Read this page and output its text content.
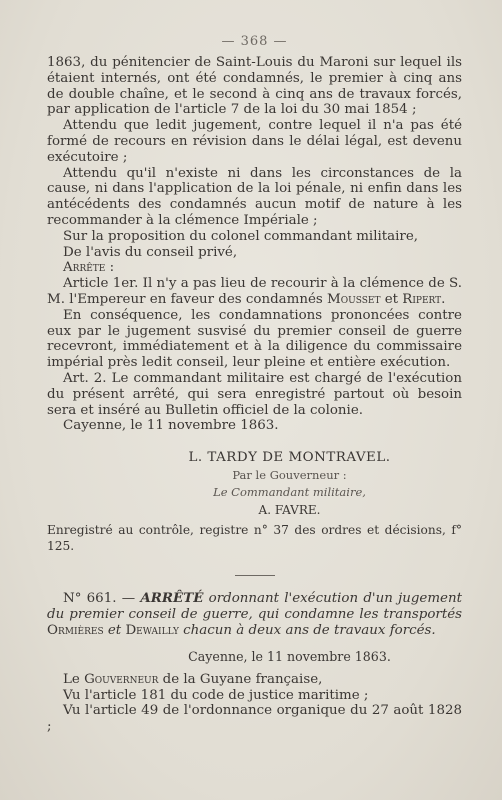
— 368 —

1863, du pénitencier de Saint-Louis du Maroni sur lequel ils étaient internés, ont été condamnés, le premier à cinq ans de double chaîne, et le second à cinq ans de travaux forcés, par application de l'article 7 de la loi du 30 mai 1854 ;

Attendu que ledit jugement, contre lequel il n'a pas été formé de recours en révision dans le délai légal, est devenu exécutoire ;

Attendu qu'il n'existe ni dans les circonstances de la cause, ni dans l'application de la loi pénale, ni enfin dans les antécédents des condamnés aucun motif de nature à les recommander à la clémence Impériale ;

Sur la proposition du colonel commandant militaire,

De l'avis du conseil privé,

Arrête :

Article 1er. Il n'y a pas lieu de recourir à la clémence de S. M. l'Empereur en faveur des condamnés Mousset et Ripert.

En conséquence, les condamnations prononcées contre eux par le jugement susvisé du premier conseil de guerre recevront, immédiatement et à la diligence du commissaire impérial près ledit conseil, leur pleine et entière exécution.

Art. 2. Le commandant militaire est chargé de l'exécution du présent arrêté, qui sera enregistré partout où besoin sera et inséré au Bulletin officiel de la colonie.

Cayenne, le 11 novembre 1863.

L. TARDY DE MONTRAVEL.
Par le Gouverneur :
Le Commandant militaire,
A. FAVRE.

Enregistré au contrôle, registre n° 37 des ordres et décisions, f° 125.

N° 661. — ARRÊTÉ ordonnant l'exécution d'un jugement du premier conseil de guerre, qui condamne les transportés Ormières et Dewailly chacun à deux ans de travaux forcés.

Cayenne, le 11 novembre 1863.

Le Gouverneur de la Guyane française,

Vu l'article 181 du code de justice maritime ;

Vu l'article 49 de l'ordonnance organique du 27 août 1828 ;
